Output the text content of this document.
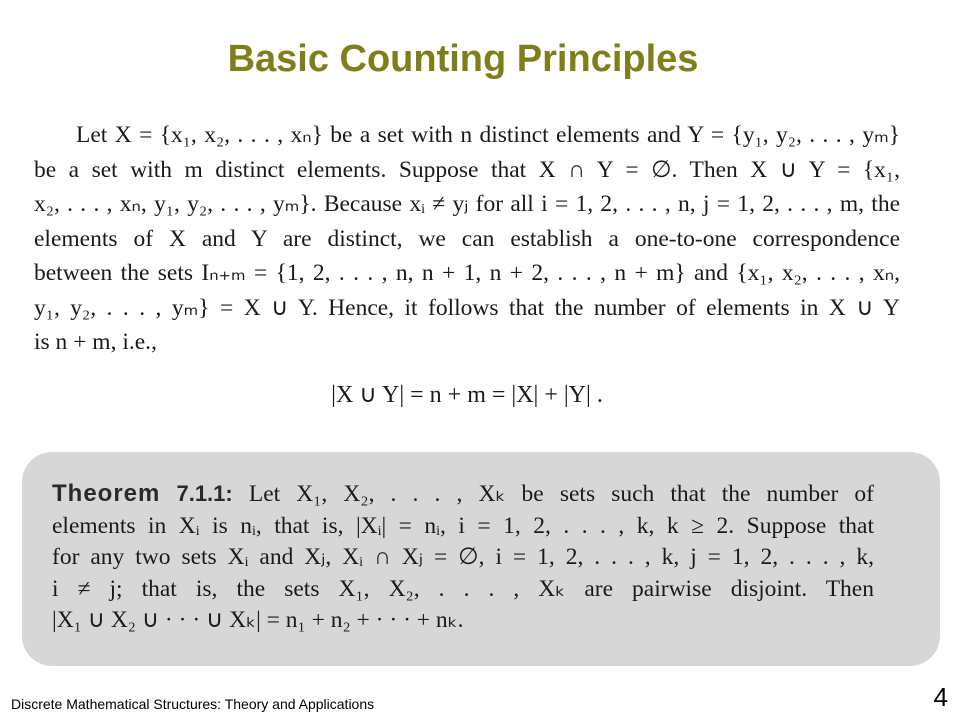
Basic Counting Principles
Let X = {x₁, x₂, . . . , xₙ} be a set with n distinct elements and Y = {y₁, y₂, . . . , yₘ}
be a set with m distinct elements. Suppose that X ∩ Y = ∅. Then X ∪ Y = {x₁,
x₂, . . . , xₙ, y₁, y₂, . . . , yₘ}. Because xᵢ ≠ yⱼ for all i = 1, 2, . . . , n, j = 1, 2, . . . , m, the
elements of X and Y are distinct, we can establish a one-to-one correspondence
between the sets Iₙ₊ₘ = {1, 2, . . . , n, n + 1, n + 2, . . . , n + m} and {x₁, x₂, . . . , xₙ,
y₁, y₂, . . . , yₘ} = X ∪ Y. Hence, it follows that the number of elements in X ∪ Y
is n + m, i.e.,
|X ∪ Y| = n + m = |X| + |Y| .
Theorem 7.1.1: Let X₁, X₂, . . . , Xₖ be sets such that the number of
elements in Xᵢ is nᵢ, that is, |Xᵢ| = nᵢ, i = 1, 2, . . . , k, k ≥ 2. Suppose that
for any two sets Xᵢ and Xⱼ, Xᵢ ∩ Xⱼ = ∅, i = 1, 2, . . . , k, j = 1, 2, . . . , k,
i ≠ j; that is, the sets X₁, X₂, . . . , Xₖ are pairwise disjoint. Then
|X₁ ∪ X₂ ∪ · · · ∪ Xₖ| = n₁ + n₂ + · · · + nₖ.
Discrete Mathematical Structures: Theory and Applications	4
